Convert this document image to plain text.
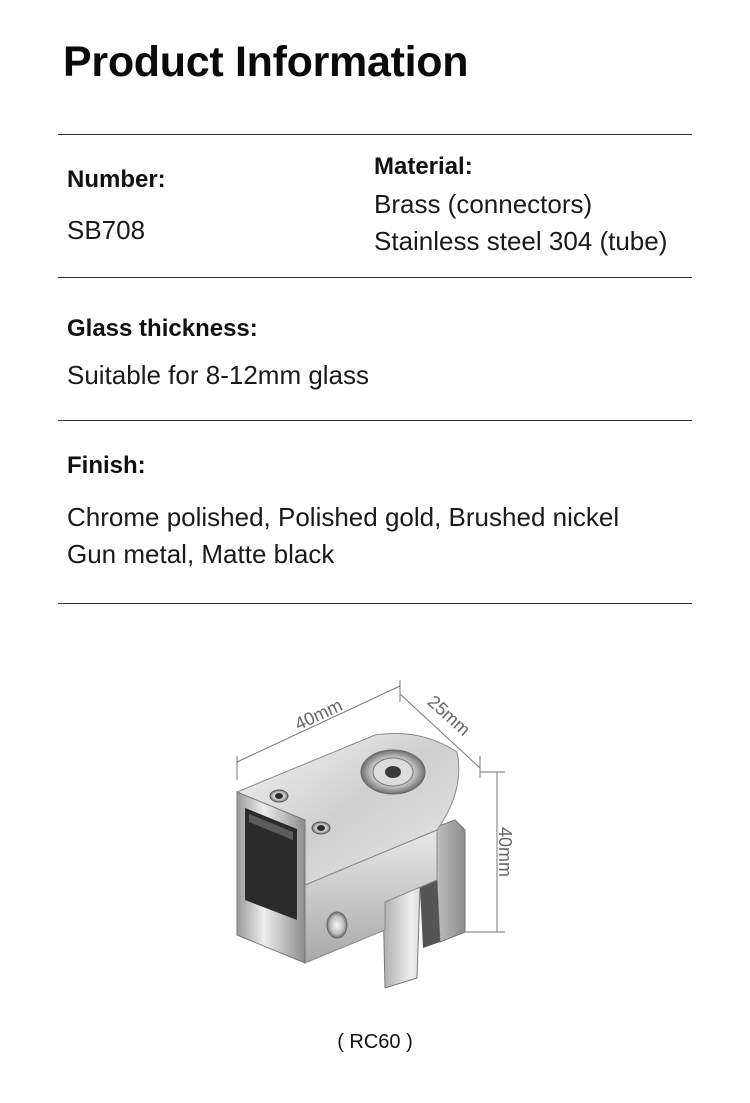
Product Information
Number:
SB708
Material:
Brass (connectors)
Stainless steel 304 (tube)
Glass thickness:
Suitable for 8-12mm glass
Finish:
Chrome polished, Polished gold, Brushed nickel
Gun metal, Matte black
40mm	25mm
40mm
( RC60 )
